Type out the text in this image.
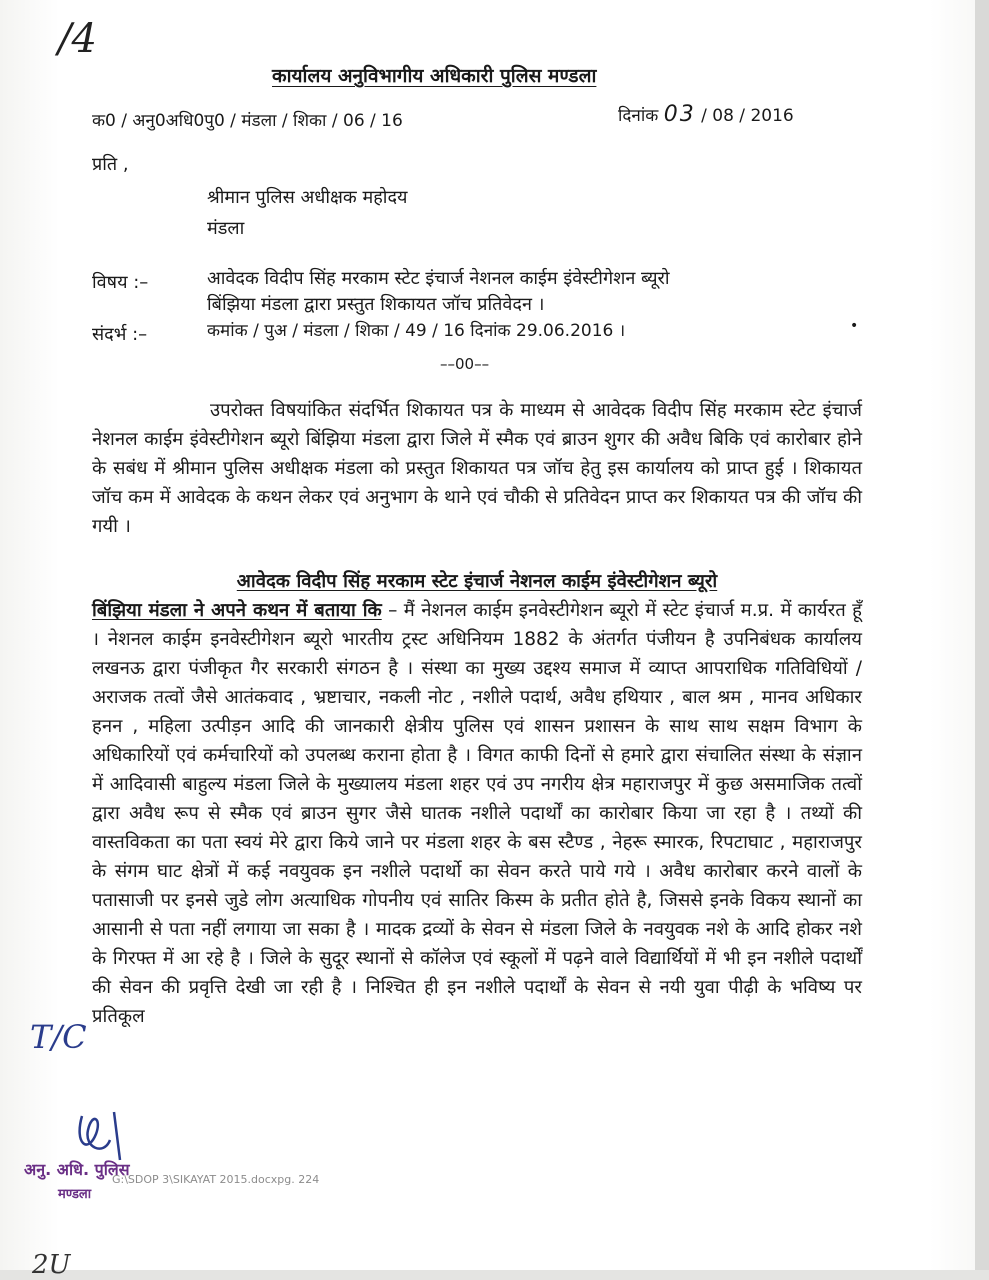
/4
कार्यालय अनुविभागीय अधिकारी पुलिस मण्डला
क0 / अनु0अधि0पु0 / मंडला / शिका / 06 / 16	दिनांक 03 / 08 / 2016
प्रति ,
श्रीमान पुलिस अधीक्षक महोदय
मंडला
विषय :–	आवेदक विदीप सिंह मरकाम स्टेट इंचार्ज नेशनल काईम इंवेस्टीगेशन ब्यूरो
बिंझिया मंडला द्वारा प्रस्तुत शिकायत जॉच प्रतिवेदन ।
संदर्भ :–	कमांक / पुअ / मंडला / शिका / 49 / 16 दिनांक 29.06.2016 ।	•
––00––
उपरोक्त विषयांकित संदर्भित शिकायत पत्र के माध्यम से आवेदक विदीप सिंह मरकाम स्टेट इंचार्ज नेशनल काईम इंवेस्टीगेशन ब्यूरो बिंझिया मंडला द्वारा जिले में स्मैक एवं ब्राउन शुगर की अवैध बिकि एवं कारोबार होने के सबंध में श्रीमान पुलिस अधीक्षक मंडला को प्रस्तुत शिकायत पत्र जॉच हेतु इस कार्यालय को प्राप्त हुई । शिकायत जॉच कम में आवेदक के कथन लेकर एवं अनुभाग के थाने एवं चौकी से प्रतिवेदन प्राप्त कर शिकायत पत्र की जॉच की गयी ।
आवेदक विदीप सिंह मरकाम स्टेट इंचार्ज नेशनल काईम इंवेस्टीगेशन ब्यूरो बिंझिया मंडला ने अपने कथन में बताया कि – मैं नेशनल काईम इनवेस्टीगेशन ब्यूरो में स्टेट इंचार्ज म.प्र. में कार्यरत हूँ । नेशनल काईम इनवेस्टीगेशन ब्यूरो भारतीय ट्रस्ट अधिनियम 1882 के अंतर्गत पंजीयन है उपनिबंधक कार्यालय लखनऊ द्वारा पंजीकृत गैर सरकारी संगठन है । संस्था का मुख्य उद्दश्य समाज में व्याप्त आपराधिक गतिविधियों / अराजक तत्वों जैसे आतंकवाद , भ्रष्टाचार, नकली नोट , नशीले पदार्थ, अवैध हथियार , बाल श्रम , मानव अधिकार हनन , महिला उत्पीड़न आदि की जानकारी क्षेत्रीय पुलिस एवं शासन प्रशासन के साथ साथ सक्षम विभाग के अधिकारियों एवं कर्मचारियों को उपलब्ध कराना होता है । विगत काफी दिनों से हमारे द्वारा संचालित संस्था के संज्ञान में आदिवासी बाहुल्य मंडला जिले के मुख्यालय मंडला शहर एवं उप नगरीय क्षेत्र महाराजपुर में कुछ असमाजिक तत्वों द्वारा अवैध रूप से स्मैक एवं ब्राउन सुगर जैसे घातक नशीले पदार्थों का कारोबार किया जा रहा है । तथ्यों की वास्तविकता का पता स्वयं मेरे द्वारा किये जाने पर मंडला शहर के बस स्टैण्ड , नेहरू स्मारक, रिपटाघाट , महाराजपुर के संगम घाट क्षेत्रों में कई नवयुवक इन नशीले पदार्थो का सेवन करते पाये गये । अवैध कारोबार करने वालों के पतासाजी पर इनसे जुडे लोग अत्याधिक गोपनीय एवं सातिर किस्म के प्रतीत होते है, जिससे इनके विकय स्थानों का आसानी से पता नहीं लगाया जा सका है । मादक द्रव्यों के सेवन से मंडला जिले के नवयुवक नशे के आदि होकर नशे के गिरफ्त में आ रहे है । जिले के सुदूर स्थानों से कॉलेज एवं स्कूलों में पढ़ने वाले विद्यार्थियों में भी इन नशीले पदार्थों की सेवन की प्रवृत्ति देखी जा रही है । निश्चित ही इन नशीले पदार्थों के सेवन से नयी युवा पीढ़ी के भविष्य पर प्रतिकूल
T/C
अनु. अधि. पुलिस
मण्डला
G:\SDOP 3\SIKAYAT 2015.docxpg. 224
2U
